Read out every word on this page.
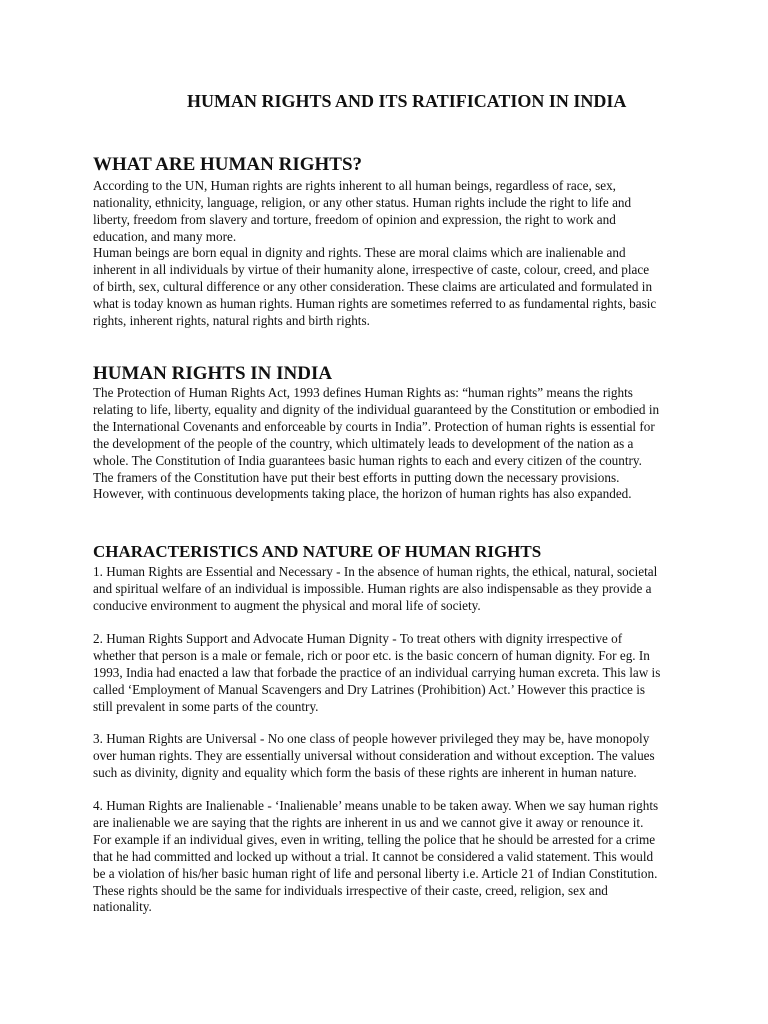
HUMAN RIGHTS AND ITS RATIFICATION IN INDIA
WHAT ARE HUMAN RIGHTS?

According to the UN, Human rights are rights inherent to all human beings, regardless of race, sex, nationality, ethnicity, language, religion, or any other status. Human rights include the right to life and liberty, freedom from slavery and torture, freedom of opinion and expression, the right to work and education, and many more.

Human beings are born equal in dignity and rights. These are moral claims which are inalienable and inherent in all individuals by virtue of their humanity alone, irrespective of caste, colour, creed, and place of birth, sex, cultural difference or any other consideration. These claims are articulated and formulated in what is today known as human rights. Human rights are sometimes referred to as fundamental rights, basic rights, inherent rights, natural rights and birth rights.

HUMAN RIGHTS IN INDIA

The Protection of Human Rights Act, 1993 defines Human Rights as: “human rights” means the rights relating to life, liberty, equality and dignity of the individual guaranteed by the Constitution or embodied in the International Covenants and enforceable by courts in India”. Protection of human rights is essential for the development of the people of the country, which ultimately leads to development of the nation as a whole. The Constitution of India guarantees basic human rights to each and every citizen of the country. The framers of the Constitution have put their best efforts in putting down the necessary provisions. However, with continuous developments taking place, the horizon of human rights has also expanded.

CHARACTERISTICS AND NATURE OF HUMAN RIGHTS

1. Human Rights are Essential and Necessary - In the absence of human rights, the ethical, natural, societal and spiritual welfare of an individual is impossible. Human rights are also indispensable as they provide a conducive environment to augment the physical and moral life of society.

2. Human Rights Support and Advocate Human Dignity - To treat others with dignity irrespective of whether that person is a male or female, rich or poor etc. is the basic concern of human dignity. For eg. In 1993, India had enacted a law that forbade the practice of an individual carrying human excreta. This law is called ‘Employment of Manual Scavengers and Dry Latrines (Prohibition) Act.’ However this practice is still prevalent in some parts of the country.

3. Human Rights are Universal - No one class of people however privileged they may be, have monopoly over human rights. They are essentially universal without consideration and without exception. The values such as divinity, dignity and equality which form the basis of these rights are inherent in human nature.

4. Human Rights are Inalienable - ‘Inalienable’ means unable to be taken away. When we say human rights are inalienable we are saying that the rights are inherent in us and we cannot give it away or renounce it. For example if an individual gives, even in writing, telling the police that he should be arrested for a crime that he had committed and locked up without a trial. It cannot be considered a valid statement. This would be a violation of his/her basic human right of life and personal liberty i.e. Article 21 of Indian Constitution. These rights should be the same for individuals irrespective of their caste, creed, religion, sex and nationality.
